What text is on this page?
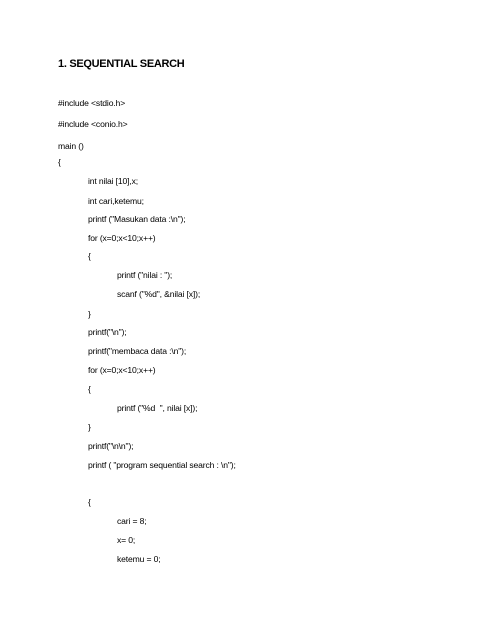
1. SEQUENTIAL SEARCH
#include <stdio.h>
#include <conio.h>
main ()
{
int nilai [10],x;
int cari,ketemu;
printf ("Masukan data :\n");
for (x=0;x<10;x++)
{
printf ("nilai : ");
scanf ("%d", &nilai [x]);
}
printf("\n");
printf("membaca data :\n");
for (x=0;x<10;x++)
{
printf ("%d  ", nilai [x]);
}
printf("\n\n");
printf ( "program sequential search : \n");
{
cari = 8;
x= 0;
ketemu = 0;
